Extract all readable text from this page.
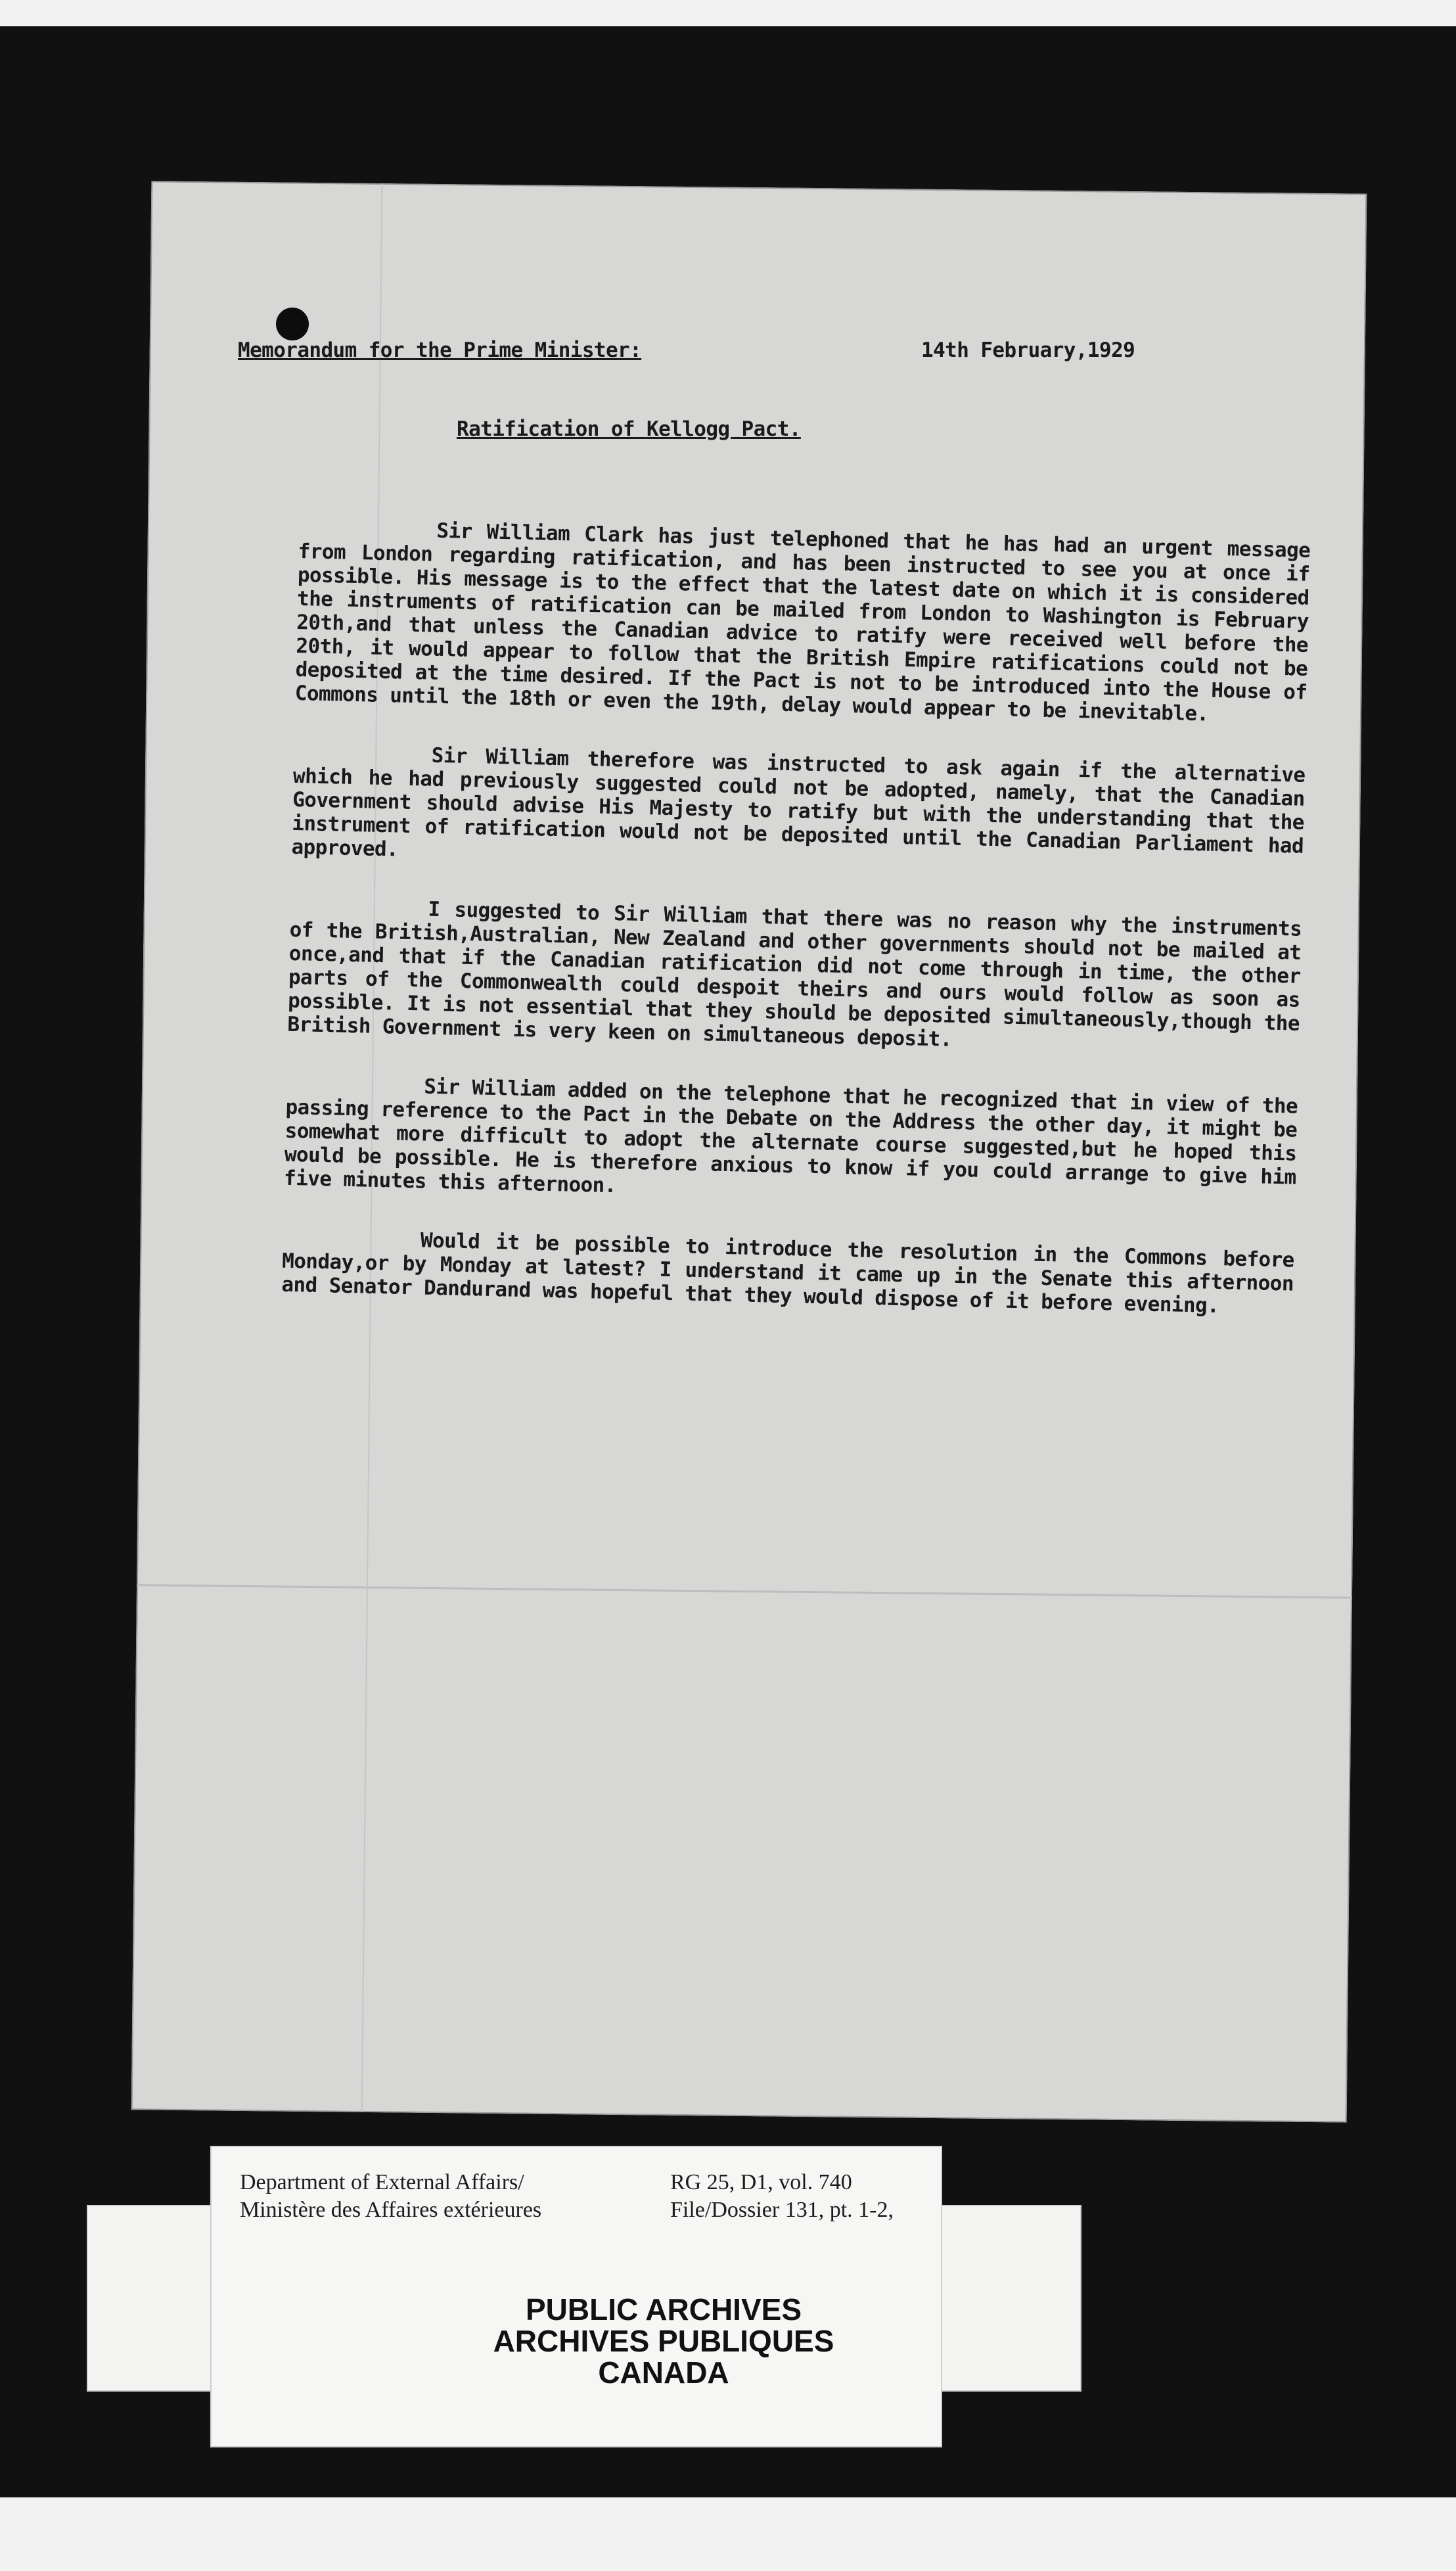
Memorandum for the Prime Minister:	14th February,1929
Ratification of Kellogg Pact.

Sir William Clark has just telephoned that he has had an urgent message from London regarding ratification, and has been instructed to see you at once if possible. His message is to the effect that the latest date on which it is considered the instruments of ratification can be mailed from London to Washington is February 20th,and that unless the Canadian advice to ratify were received well before the 20th, it would appear to follow that the British Empire ratifications could not be deposited at the time desired. If the Pact is not to be introduced into the House of Commons until the 18th or even the 19th, delay would appear to be inevitable.

Sir William therefore was instructed to ask again if the alternative which he had previously suggested could not be adopted, namely, that the Canadian Government should advise His Majesty to ratify but with the understanding that the instrument of ratification would not be deposited until the Canadian Parliament had approved.

I suggested to Sir William that there was no reason why the instruments of the British,Australian, New Zealand and other governments should not be mailed at once,and that if the Canadian ratification did not come through in time, the other parts of the Commonwealth could despoit theirs and ours would follow as soon as possible. It is not essential that they should be deposited simultaneously,though the British Government is very keen on simultaneous deposit.

Sir William added on the telephone that he recognized that in view of the passing reference to the Pact in the Debate on the Address the other day, it might be somewhat more difficult to adopt the alternate course suggested,but he hoped this would be possible. He is therefore anxious to know if you could arrange to give him five minutes this afternoon.

Would it be possible to introduce the resolution in the Commons before Monday,or by Monday at latest? I understand it came up in the Senate this afternoon and Senator Dandurand was hopeful that they would dispose of it before evening.

Department of External Affairs/
Ministère des Affaires extérieures
RG 25, D1, vol. 740
File/Dossier 131, pt. 1-2,
PUBLIC ARCHIVES
ARCHIVES PUBLIQUES
CANADA
